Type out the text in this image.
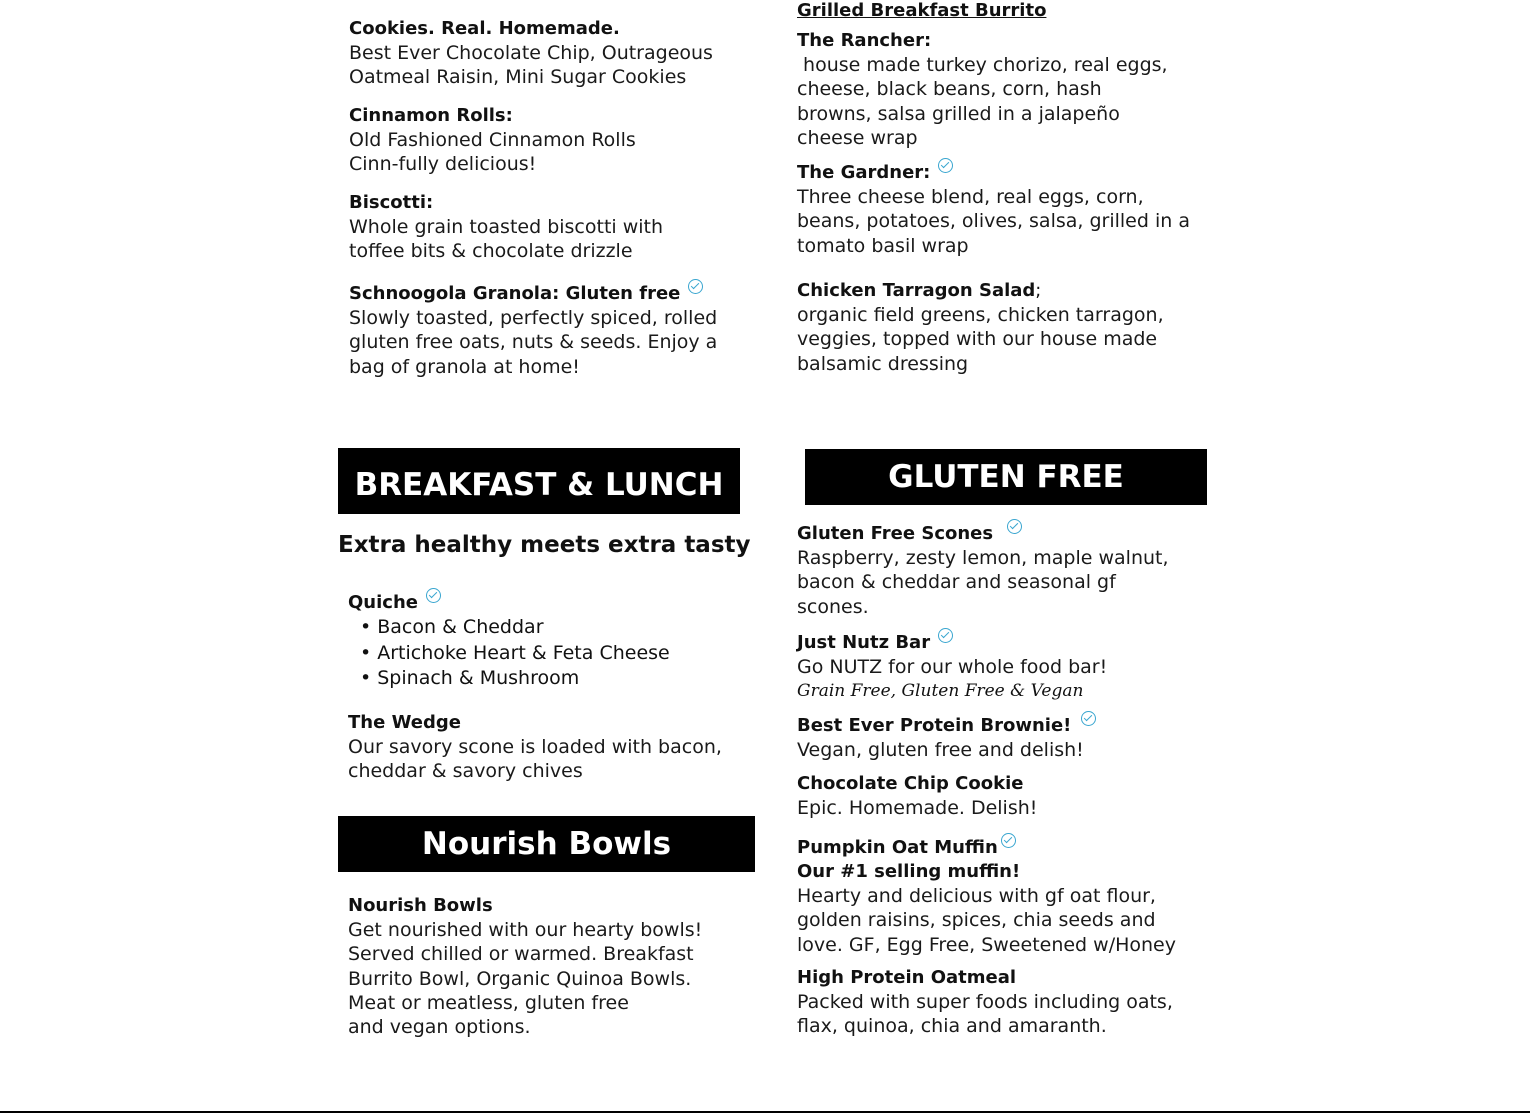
Cookies. Real. Homemade.
Best Ever Chocolate Chip, Outrageous
Oatmeal Raisin, Mini Sugar Cookies
Cinnamon Rolls:
Old Fashioned Cinnamon Rolls
Cinn-fully delicious!
Biscotti:
Whole grain toasted biscotti with
toffee bits & chocolate drizzle
Schnoogola Granola: Gluten free
Slowly toasted, perfectly spiced, rolled
gluten free oats, nuts & seeds. Enjoy a
bag of granola at home!
Grilled Breakfast Burrito
The Rancher:
house made turkey chorizo, real eggs,
cheese, black beans, corn, hash
browns, salsa grilled in a jalapeño
cheese wrap
The Gardner:
Three cheese blend, real eggs, corn,
beans, potatoes, olives, salsa, grilled in a
tomato basil wrap
Chicken Tarragon Salad;
organic field greens, chicken tarragon,
veggies, topped with our house made
balsamic dressing
BREAKFAST & LUNCH
Extra healthy meets extra tasty
Quiche
• Bacon & Cheddar
• Artichoke Heart & Feta Cheese
• Spinach & Mushroom
The Wedge
Our savory scone is loaded with bacon,
cheddar & savory chives
Nourish Bowls
Nourish Bowls
Get nourished with our hearty bowls!
Served chilled or warmed. Breakfast
Burrito Bowl, Organic Quinoa Bowls.
Meat or meatless, gluten free
and vegan options.
GLUTEN FREE
Gluten Free Scones
Raspberry, zesty lemon, maple walnut,
bacon & cheddar and seasonal gf
scones.
Just Nutz Bar
Go NUTZ for our whole food bar!
Grain Free, Gluten Free & Vegan
Best Ever Protein Brownie!
Vegan, gluten free and delish!
Chocolate Chip Cookie
Epic. Homemade. Delish!
Pumpkin Oat Muffin
Our #1 selling muffin!
Hearty and delicious with gf oat flour,
golden raisins, spices, chia seeds and
love. GF, Egg Free, Sweetened w/Honey
High Protein Oatmeal
Packed with super foods including oats,
flax, quinoa, chia and amaranth.
